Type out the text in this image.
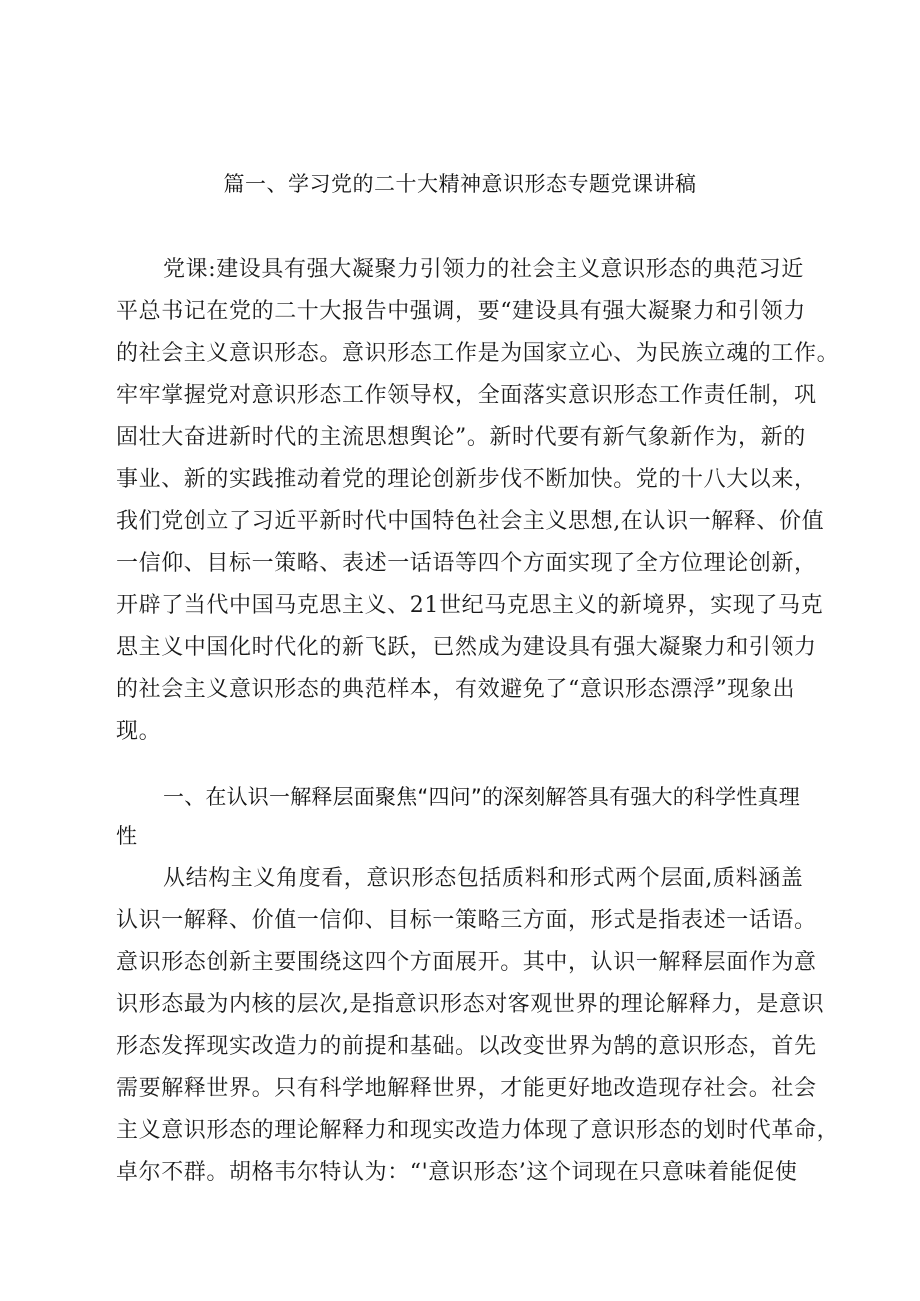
篇一、学习党的二十大精神意识形态专题党课讲稿
党课:建设具有强大凝聚力引领力的社会主义意识形态的典范习近
平总书记在党的二十大报告中强调，要“建设具有强大凝聚力和引领力
的社会主义意识形态。意识形态工作是为国家立心、为民族立魂的工作。
牢牢掌握党对意识形态工作领导权，全面落实意识形态工作责任制，巩
固壮大奋进新时代的主流思想舆论”。新时代要有新气象新作为，新的
事业、新的实践推动着党的理论创新步伐不断加快。党的十八大以来，
我们党创立了习近平新时代中国特色社会主义思想,在认识一解释、价值
一信仰、目标一策略、表述一话语等四个方面实现了全方位理论创新，
开辟了当代中国马克思主义、21世纪马克思主义的新境界，实现了马克
思主义中国化时代化的新飞跃，已然成为建设具有强大凝聚力和引领力
的社会主义意识形态的典范样本，有效避免了“意识形态漂浮”现象出
现。
一、在认识一解释层面聚焦“四问”的深刻解答具有强大的科学性真理
性
从结构主义角度看，意识形态包括质料和形式两个层面,质料涵盖
认识一解释、价值一信仰、目标一策略三方面，形式是指表述一话语。
意识形态创新主要围绕这四个方面展开。其中，认识一解释层面作为意
识形态最为内核的层次,是指意识形态对客观世界的理论解释力，是意识
形态发挥现实改造力的前提和基础。以改变世界为鹄的意识形态，首先
需要解释世界。只有科学地解释世界，才能更好地改造现存社会。社会
主义意识形态的理论解释力和现实改造力体现了意识形态的划时代革命，
卓尔不群。胡格韦尔特认为：“'意识形态’这个词现在只意味着能促使
